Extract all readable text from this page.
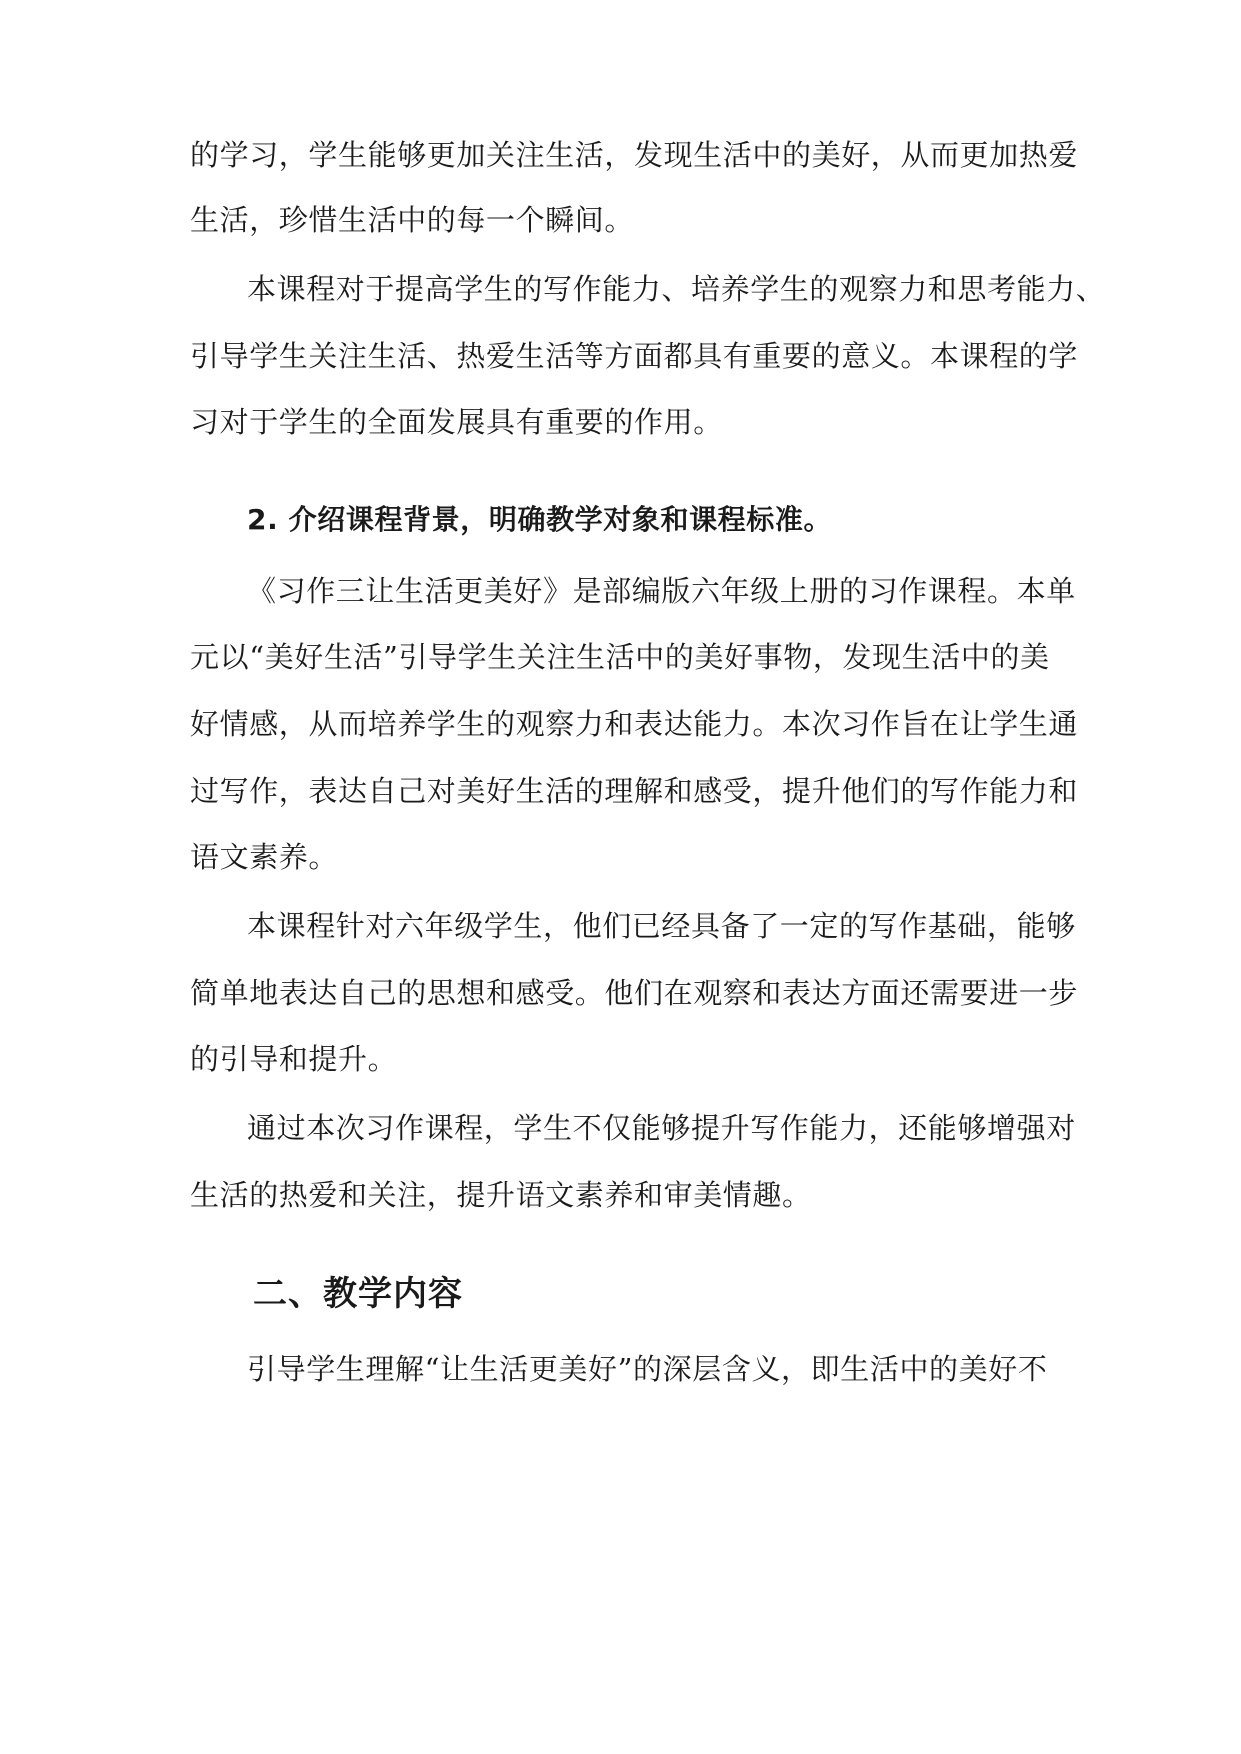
的学习，学生能够更加关注生活，发现生活中的美好，从而更加热爱
生活，珍惜生活中的每一个瞬间。
本课程对于提高学生的写作能力、培养学生的观察力和思考能力、
引导学生关注生活、热爱生活等方面都具有重要的意义。本课程的学
习对于学生的全面发展具有重要的作用。
2. 介绍课程背景，明确教学对象和课程标准。
《习作三让生活更美好》是部编版六年级上册的习作课程。本单
元以“美好生活”引导学生关注生活中的美好事物，发现生活中的美
好情感，从而培养学生的观察力和表达能力。本次习作旨在让学生通
过写作，表达自己对美好生活的理解和感受，提升他们的写作能力和
语文素养。
本课程针对六年级学生，他们已经具备了一定的写作基础，能够
简单地表达自己的思想和感受。他们在观察和表达方面还需要进一步
的引导和提升。
通过本次习作课程，学生不仅能够提升写作能力，还能够增强对
生活的热爱和关注，提升语文素养和审美情趣。
二、教学内容
引导学生理解“让生活更美好”的深层含义，即生活中的美好不
